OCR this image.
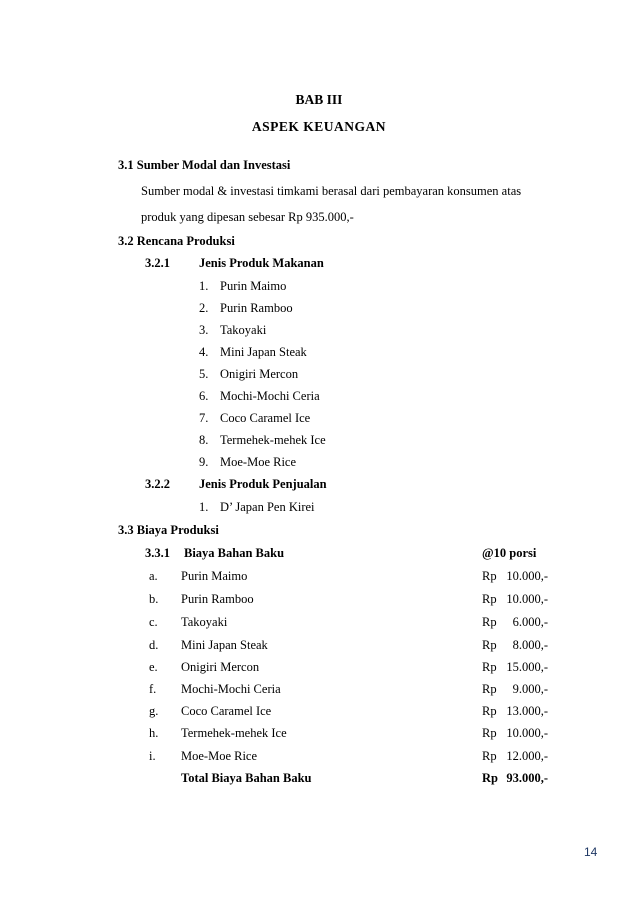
BAB III
ASPEK KEUANGAN
3.1 Sumber Modal dan Investasi
Sumber modal & investasi timkami berasal dari pembayaran konsumen atas
produk yang dipesan sebesar Rp 935.000,-
3.2 Rencana Produksi
3.2.1 Jenis Produk Makanan
1. Purin Maimo
2. Purin Ramboo
3. Takoyaki
4. Mini Japan Steak
5. Onigiri Mercon
6. Mochi-Mochi Ceria
7. Coco Caramel Ice
8. Termehek-mehek Ice
9. Moe-Moe Rice
3.2.2 Jenis Produk Penjualan
1. D’ Japan Pen Kirei
3.3 Biaya Produksi
3.3.1 Biaya Bahan Baku	@10 porsi
a. Purin Maimo	Rp 10.000,-
b. Purin Ramboo	Rp 10.000,-
c. Takoyaki	Rp 6.000,-
d. Mini Japan Steak	Rp 8.000,-
e. Onigiri Mercon	Rp 15.000,-
f. Mochi-Mochi Ceria	Rp 9.000,-
g. Coco Caramel Ice	Rp 13.000,-
h. Termehek-mehek Ice	Rp 10.000,-
i. Moe-Moe Rice	Rp 12.000,-
Total Biaya Bahan Baku	Rp 93.000,-
14
